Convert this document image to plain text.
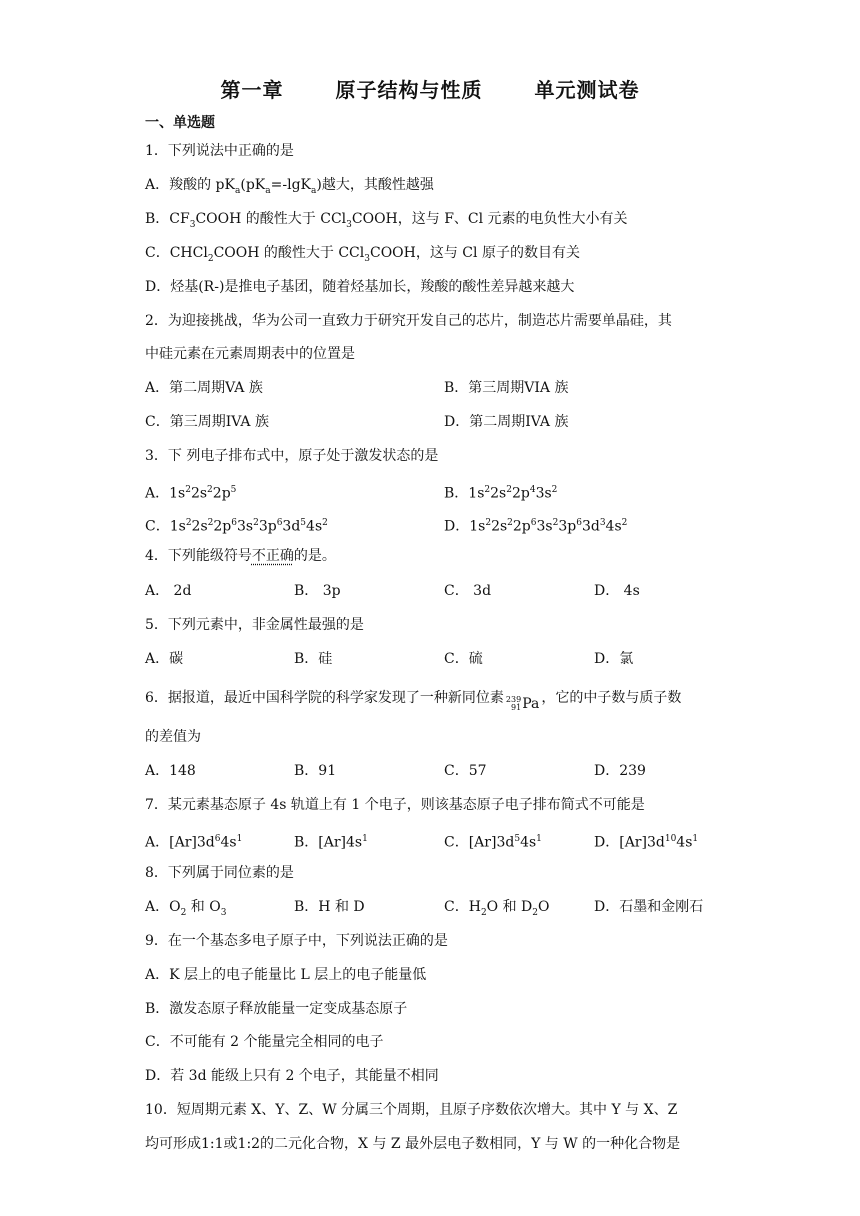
第一章	原子结构与性质	单元测试卷
一、单选题
1．下列说法中正确的是
A．羧酸的 $pK_a(pK_a=-\lg K_a)$越大，其酸性越强
B．$CF_3COOH$ 的酸性大于 CCl$_3$COOH，这与 F、Cl 元素的电负性大小有关
C．CHCl$_2$COOH 的酸性大于 CCl$_3$COOH，这与 Cl 原子的数目有关
D．烃基(R-)是推电子基团，随着烃基加长，羧酸的酸性差异越来越大
2．为迎接挑战，华为公司一直致力于研究开发自己的芯片，制造芯片需要单晶硅，其
中硅元素在元素周期表中的位置是
A．第二周期VA 族	B．第三周期VIA 族
C．第三周期IVA 族	D．第二周期IVA 族
3．下 列电子排布式中，原子处于激发状态的是
A．$1s^22s^22p^5$	B．$1s^22s^22p^43s^2$
C．$1s^22s^22p^63s^23p^63d^54s^2$	D．$1s^22s^22p^63s^23p^63d^34s^2$
4．下列能级符号不正确的是。
A． 2d	B． 3p	C． 3d	D． 4s
5．下列元素中，非金属性最强的是
A．碳	B．硅	C．硫	D．氯
6．据报道，最近中国科学院的科学家发现了一种新同位素 239
91 Pa ，它的中子数与质子数
的差值为
A．148	B．91	C．57	D．239
7．某元素基态原子 4s 轨道上有 1 个电子，则该基态原子电子排布简式不可能是
A．$[Ar]3d^64s^1$	B．$[Ar]4s^1$	C．$[Ar]3d^54s^1$	D．$[Ar]3d^{10}4s^1$
8．下列属于同位素的是
A．$O_2$ 和 $O_3$	B．H 和 D	C．$H_2O$ 和 $D_2O$	D．石墨和金刚石
9．在一个基态多电子原子中，下列说法正确的是
A．K 层上的电子能量比 L 层上的电子能量低
B．激发态原子释放能量一定变成基态原子
C．不可能有 2 个能量完全相同的电子
D．若 3d 能级上只有 2 个电子，其能量不相同
10．短周期元素 X、Y、Z、W 分属三个周期，且原子序数依次增大。其中 Y 与 X、Z
均可形成1:1或1:2的二元化合物，X 与 Z 最外层电子数相同，Y 与 W 的一种化合物是
